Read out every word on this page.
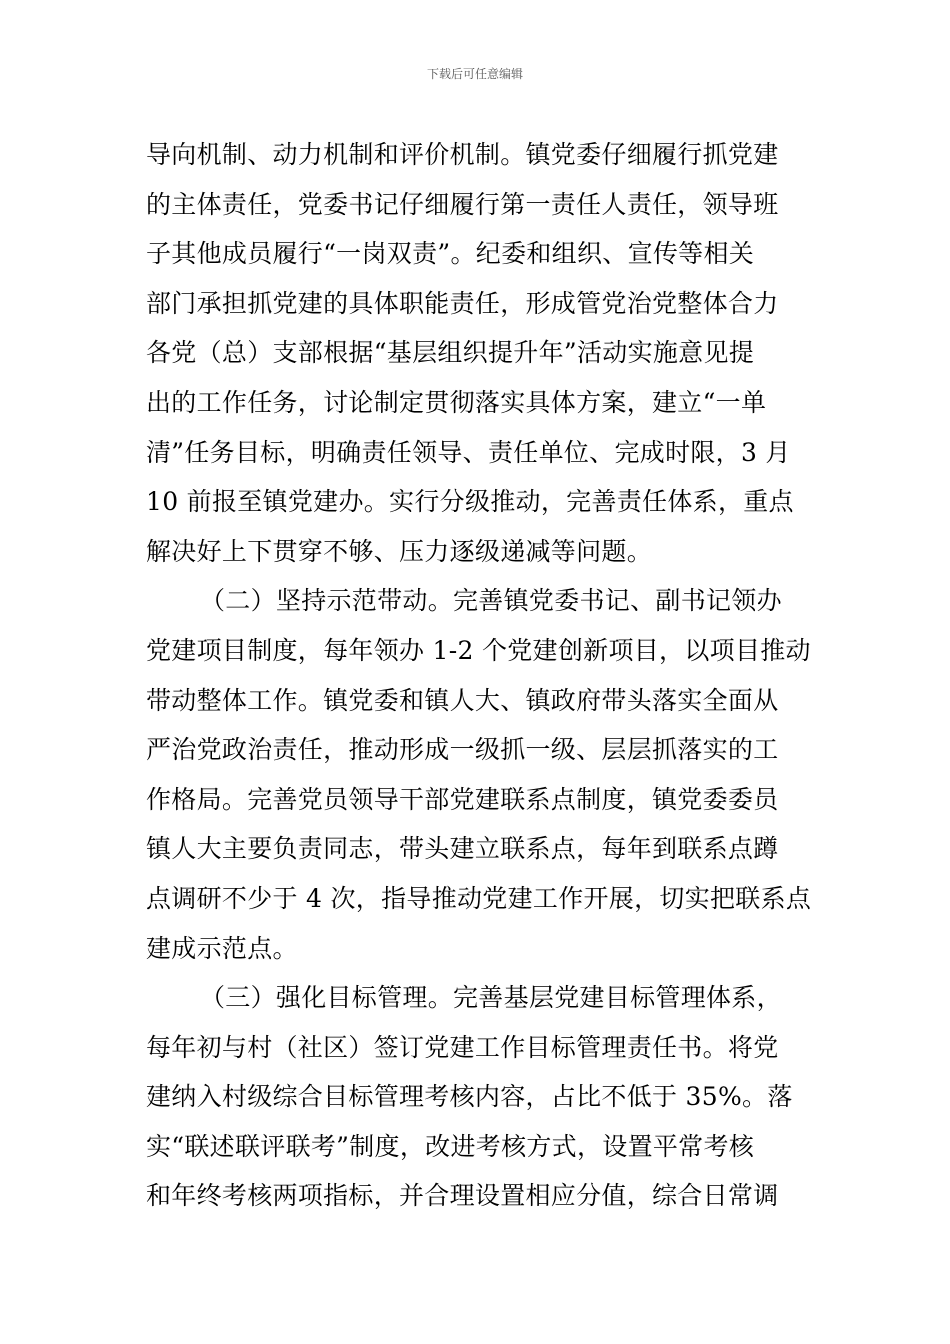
下载后可任意编辑
导向机制、动力机制和评价机制。镇党委仔细履行抓党建
的主体责任，党委书记仔细履行第一责任人责任，领导班
子其他成员履行“一岗双责”。纪委和组织、宣传等相关
部门承担抓党建的具体职能责任，形成管党治党整体合力
各党（总）支部根据“基层组织提升年”活动实施意见提
出的工作任务，讨论制定贯彻落实具体方案，建立“一单
清”任务目标，明确责任领导、责任单位、完成时限，3 月
10 前报至镇党建办。实行分级推动，完善责任体系，重点
解决好上下贯穿不够、压力逐级递减等问题。
（二）坚持示范带动。完善镇党委书记、副书记领办
党建项目制度，每年领办 1-2 个党建创新项目，以项目推动
带动整体工作。镇党委和镇人大、镇政府带头落实全面从
严治党政治责任，推动形成一级抓一级、层层抓落实的工
作格局。完善党员领导干部党建联系点制度，镇党委委员
镇人大主要负责同志，带头建立联系点，每年到联系点蹲
点调研不少于 4 次，指导推动党建工作开展，切实把联系点
建成示范点。
（三）强化目标管理。完善基层党建目标管理体系，
每年初与村（社区）签订党建工作目标管理责任书。将党
建纳入村级综合目标管理考核内容，占比不低于 35%。落
实“联述联评联考”制度，改进考核方式，设置平常考核
和年终考核两项指标，并合理设置相应分值，综合日常调
